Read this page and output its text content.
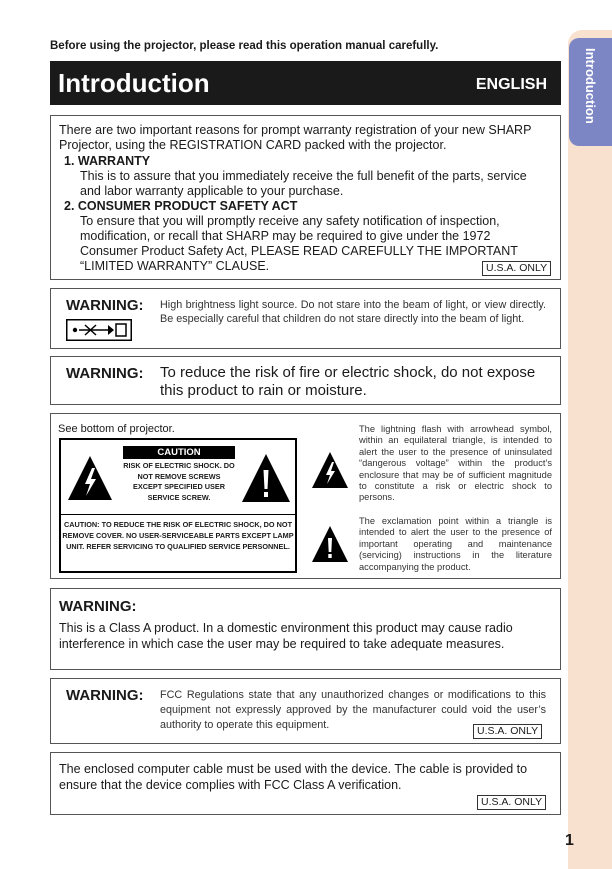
Introduction
Before using the projector, please read this operation manual carefully.
Introduction	ENGLISH
There are two important reasons for prompt warranty registration of your new SHARP Projector, using the REGISTRATION CARD packed with the projector.
1. WARRANTY
This is to assure that you immediately receive the full benefit of the parts, service and labor warranty applicable to your purchase.
2. CONSUMER PRODUCT SAFETY ACT
To ensure that you will promptly receive any safety notification of inspection, modification, or recall that SHARP may be required to give under the 1972 Consumer Product Safety Act, PLEASE READ CAREFULLY THE IMPORTANT “LIMITED WARRANTY” CLAUSE.	U.S.A. ONLY
WARNING: High brightness light source. Do not stare into the beam of light, or view directly. Be especially careful that children do not stare directly into the beam of light.
WARNING: To reduce the risk of fire or electric shock, do not expose this product to rain or moisture.
See bottom of projector.
CAUTION
RISK OF ELECTRIC SHOCK. DO NOT REMOVE SCREWS EXCEPT SPECIFIED USER SERVICE SCREW.
CAUTION: TO REDUCE THE RISK OF ELECTRIC SHOCK, DO NOT REMOVE COVER. NO USER-SERVICEABLE PARTS EXCEPT LAMP UNIT. REFER SERVICING TO QUALIFIED SERVICE PERSONNEL.
The lightning flash with arrowhead symbol, within an equilateral triangle, is intended to alert the user to the presence of uninsulated “dangerous voltage” within the product’s enclosure that may be of sufficient magnitude to constitute a risk or electric shock to persons.
The exclamation point within a triangle is intended to alert the user to the presence of important operating and maintenance (servicing) instructions in the literature accompanying the product.
WARNING:
This is a Class A product. In a domestic environment this product may cause radio interference in which case the user may be required to take adequate measures.
WARNING: FCC Regulations state that any unauthorized changes or modifications to this equipment not expressly approved by the manufacturer could void the user’s authority to operate this equipment.	U.S.A. ONLY
The enclosed computer cable must be used with the device. The cable is provided to ensure that the device complies with FCC Class A verification.
U.S.A. ONLY
1
